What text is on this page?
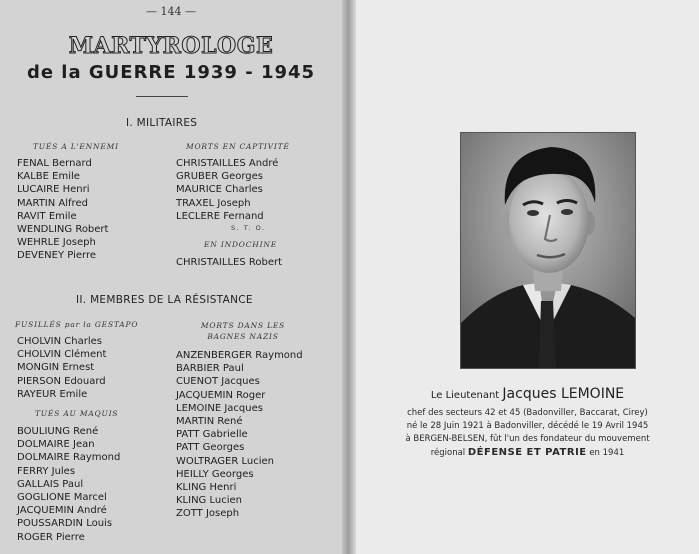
— 144 —
MARTYROLOGE
de la GUERRE 1939 - 1945
I. MILITAIRES
TUÉS A L'ENNEMI
FENAL Bernard
KALBE Emile
LUCAIRE Henri
MARTIN Alfred
RAVIT Emile
WENDLING Robert
WEHRLE Joseph
DEVENEY Pierre
MORTS EN CAPTIVITÉ
CHRISTAILLES André
GRUBER Georges
MAURICE Charles
TRAXEL Joseph
LECLERE Fernand
S. T. O.
EN INDOCHINE
CHRISTAILLES Robert
II. MEMBRES DE LA RÉSISTANCE
FUSILLÉS par la GESTAPO
CHOLVIN Charles
CHOLVIN Clément
MONGIN Ernest
PIERSON Edouard
RAYEUR Emile
TUÉS AU MAQUIS
BOULIUNG René
DOLMAIRE Jean
DOLMAIRE Raymond
FERRY Jules
GALLAIS Paul
GOGLIONE Marcel
JACQUEMIN André
POUSSARDIN Louis
ROGER Pierre
MORTS DANS LES
BAGNES NAZIS
ANZENBERGER Raymond
BARBIER Paul
CUENOT Jacques
JACQUEMIN Roger
LEMOINE Jacques
MARTIN René
PATT Gabrielle
PATT Georges
WOLTRAGER Lucien
HEILLY Georges
KLING Henri
KLING Lucien
ZOTT Joseph
Le Lieutenant Jacques LEMOINE
chef des secteurs 42 et 45 (Badonviller, Baccarat, Cirey)
né le 28 Juin 1921 à Badonviller, décédé le 19 Avril 1945
à BERGEN-BELSEN, fût l'un des fondateur du mouvement
régional DÉFENSE ET PATRIE en 1941
